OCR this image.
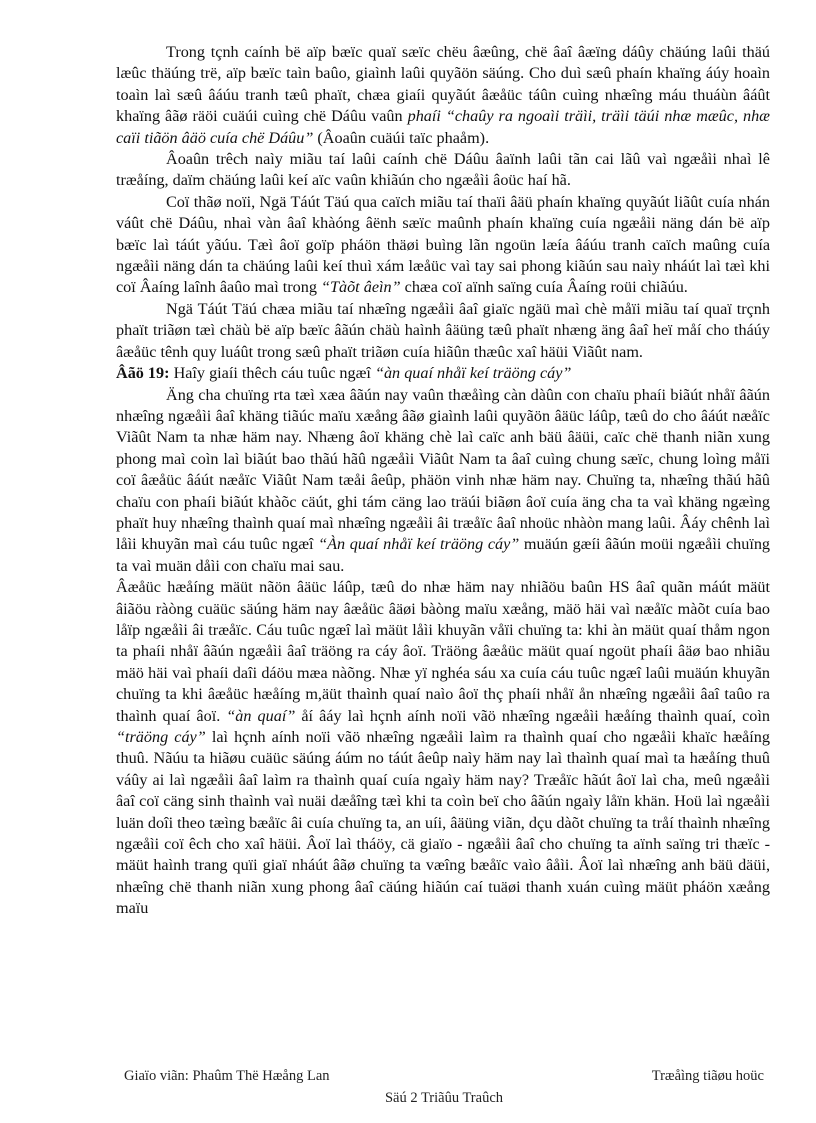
Trong tçnh caính bë aïp bæïc quaï sæïc chëu âæûng, chë âaî âæïng dáûy chäúng laûi thäú læûc thäúng trë, aïp bæïc taìn baûo, giaình laûi quyãön säúng. Cho duì sæû phaín khaïng áúy hoaìn toaìn laì sæû âáúu tranh tæû phaït, chæa giaíi quyãút âæåüc táûn cuìng nhæîng máu thuáùn âáût khaïng âãø räöi cuäúi cuìng chë Dáûu vaûn phaíi “chaûy ra ngoaìi träìi, träìi täúi nhæ mæûc, nhæ caïi tiãön âäö cuía chë Dáûu” (Âoaûn cuäúi taïc phaåm).

Âoaûn trêch naìy miãu taí laûi caính chë Dáûu âaïnh laûi tãn cai lãû vaì ngæåìi nhaì lê træåíng, daïm chäúng laûi keí aïc vaûn khiãún cho ngæåìi âoüc haí hã.

Coï thãø noïi, Ngä Táút Täú qua caïch miãu taí thaïi âäü phaín khaïng quyãút liãût cuía nhán váût chë Dáûu, nhaì vàn âaî khàóng âënh sæïc maûnh phaín khaïng cuía ngæåìi näng dán bë aïp bæïc laì táút yãúu. Tæì âoï goïp pháön thäøi buìng lãn ngoün læía âáúu tranh caïch maûng cuía ngæåìi näng dán ta chäúng laûi keí thuì xám læåüc vaì tay sai phong kiãún sau naìy nháút laì tæì khi coï Âaíng laînh âaûo maì trong “Tàõt âeìn” chæa coï aïnh saïng cuía Âaíng roüi chiãúu.

Ngä Táút Täú chæa miãu taí nhæîng ngæåìi âaî giaïc ngäü maì chè måïi miãu taí quaï trçnh phaït triãøn tæì chäù bë aïp bæïc âãún chäù haình âäüng tæû phaït nhæng äng âaî heï måí cho tháúy âæåüc tênh quy luáût trong sæû phaït triãøn cuía hiãûn thæûc xaî häüi Viãût nam.

Âãö 19: Haîy giaíi thêch cáu tuûc ngæî “àn quaí nhåï keí träöng cáy”

Äng cha chuïng rta tæì xæa âãún nay vaûn thæåìng càn dàûn con chaïu phaíi biãút nhåï âãún nhæîng ngæåìi âaî khäng tiãúc maïu xæång âãø giaình laûi quyãön âäüc láûp, tæû do cho âáút næåïc Viãût Nam ta nhæ häm nay. Nhæng âoï khäng chè laì caïc anh bäü âäüi, caïc chë thanh niãn xung phong maì coìn laì biãút bao thãú hãû ngæåìi Viãût Nam ta âaî cuìng chung sæïc, chung loìng måïi coï âæåüc âáút næåïc Viãût Nam tæåi âeûp, phäön vinh nhæ häm nay. Chuïng ta, nhæîng thãú hãû chaïu con phaíi biãút khàõc cäút, ghi tám cäng lao träúi biãøn âoï cuía äng cha ta vaì khäng ngæìng phaït huy nhæîng thaình quaí maì nhæîng ngæåìi âi træåïc âaî nhoüc nhàòn mang laûi. Âáy chênh laì låìi khuyãn maì cáu tuûc ngæî “Àn quaí nhåï keí träöng cáy” muäún gæíi âãún moüi ngæåìi chuïng ta vaì muän dåìi con chaïu mai sau.

Âæåüc hæåíng mäüt nãön âäüc láûp, tæû do nhæ häm nay nhiãöu baûn HS âaî quãn máút mäüt âiãöu ràòng cuäüc säúng häm nay âæåüc âäøi bàòng maïu xæång, mäö häi vaì næåïc màõt cuía bao låïp ngæåìi âi træåïc. Cáu tuûc ngæî laì mäüt låìi khuyãn våïi chuïng ta: khi àn mäüt quaí thåm ngon ta phaíi nhåï âãún ngæåìi âaî träöng ra cáy âoï. Träöng âæåüc mäüt quaí ngoüt phaíi âäø bao nhiãu mäö häi vaì phaíi daîi dáöu mæa nàõng. Nhæ yï nghéa sáu xa cuía cáu tuûc ngæî laûi muäún khuyãn chuïng ta khi âæåüc hæåíng m,äüt thaình quaí naìo âoï thç phaíi nhåï ån nhæîng ngæåìi âaî taûo ra thaình quaí âoï. “àn quaí” åí âáy laì hçnh aính noïi vãö nhæîng ngæåìi hæåíng thaình quaí, coìn “träöng cáy” laì hçnh aính noïi vãö nhæîng ngæåìi laìm ra thaình quaí cho ngæåìi khaïc hæåíng thuû. Nãúu ta hiãøu cuäüc säúng áúm no táút âeûp naìy häm nay laì thaình quaí maì ta hæåíng thuû váûy ai laì ngæåìi âaî laìm ra thaình quaí cuía ngaìy häm nay? Træåïc hãút âoï laì cha, meû ngæåìi âaî coï cäng sinh thaình vaì nuäi dæåîng tæì khi ta coìn beï cho âãún ngaìy låïn khän. Hoü laì ngæåìi luän doîi theo tæìng bæåïc âi cuía chuïng ta, an uíi, âäüng viãn, dçu dàõt chuïng ta tråí thaình nhæîng ngæåìi coï êch cho xaî häüi. Âoï laì tháöy, cä giaïo - ngæåìi âaî cho chuïng ta aïnh saïng tri thæïc - mäüt haình trang quïi giaï nháút âãø chuïng ta væîng bæåïc vaìo âåìi. Âoï laì nhæîng anh bäü däüi, nhæîng chë thanh niãn xung phong âaî cäúng hiãún caí tuäøi thanh xuán cuìng mäüt pháön xæång maïu

Giaïo viãn: Phaûm Thë Hæång Lan	Træåìng tiãøu hoüc
Säú 2 Triãûu Traûch
